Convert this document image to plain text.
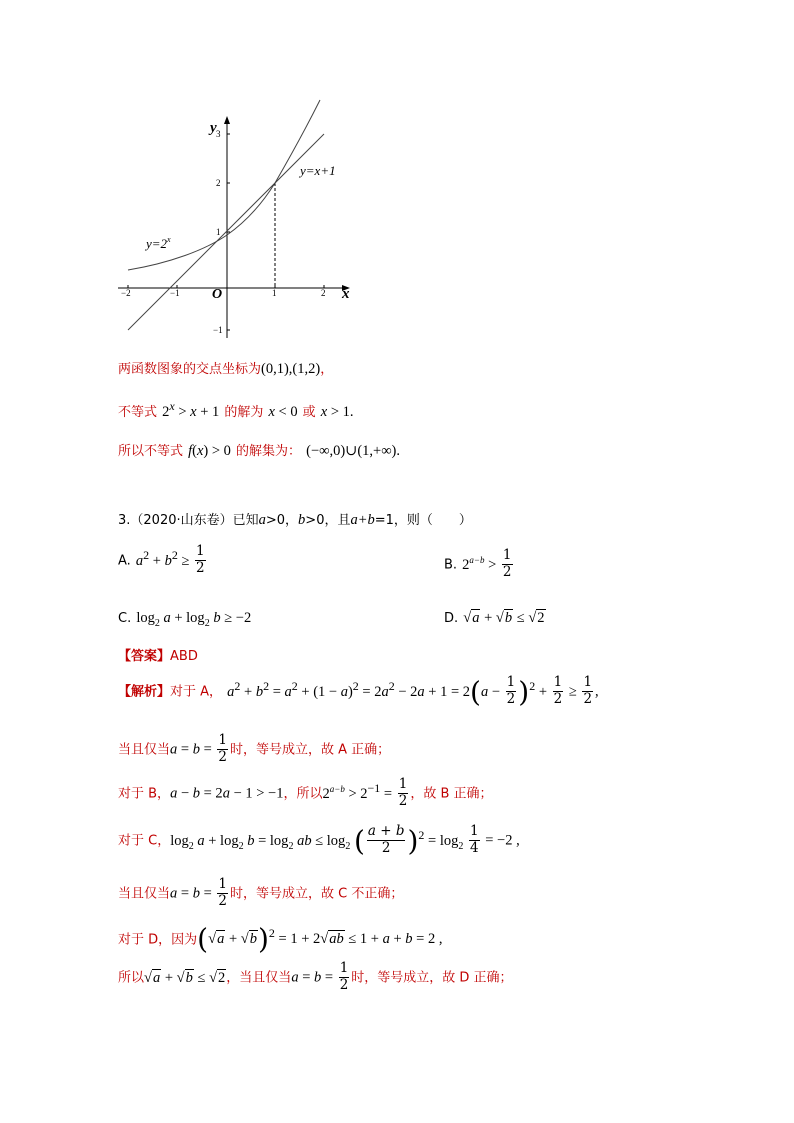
y
x
O
−2	−1	1	2
3
2
1
−1
$y=2^x$
y=x+1
两函数图象的交点坐标为(0,1),(1,2)，
不等式 $2^x > x + 1$ 的解为 x < 0 或 x > 1.
所以不等式 f(x) > 0 的解集为： (−∞,0)∪(1,+∞).
3.（2020·山东卷）已知a>0，b>0，且a+b=1，则（　　）
A. $a^2 + b^2 \ge \frac{1}{2}$	B. $2^{a-b} > \frac{1}{2}$
C. $\log_2 a + \log_2 b \ge -2$	D. √a + √b ≤ √2
【答案】ABD
【解析】对于 A， $a^2 + b^2 = a^2 + (1 - a)^2 = 2a^2 - 2a + 1 = 2(a - \frac{1}{2} )^2 + \frac{1}{2} \ge \frac{1}{2}$ ,
当且仅当$a = b = \frac{1}{2}$ 时，等号成立，故 A 正确；
对于 B，a − b = 2a − 1 > −1，所以$2^{a-b} > 2^{-1} = \frac{1}{2}$ ，故 B 正确；
对于 C，$\log_2 a + \log_2 b = \log_2$ ab ≤ $\log_2$ ( $\frac{a + b}{2} )^2 = \log_2 \frac{1}{4} = -2$ ,
当且仅当$a = b = \frac{1}{2}$ 时，等号成立，故 C 不正确；
对于 D，因为$(√a + √b)^2 = 1 + 2√ab \le 1 + a + b = 2$ ,
所以√a + √b ≤ √2，当且仅当$a = b = \frac{1}{2}$ 时，等号成立，故 D 正确；
